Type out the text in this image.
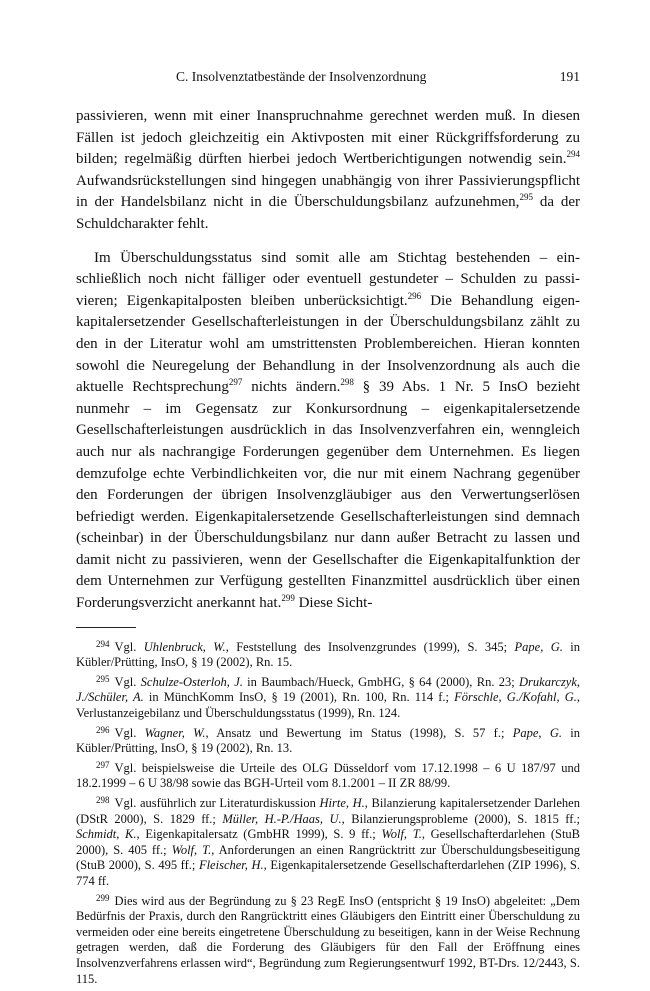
C. Insolvenztatbestände der Insolvenzordnung	191

passivieren, wenn mit einer Inanspruchnahme gerechnet werden muß. In diesen Fällen ist jedoch gleichzeitig ein Aktivposten mit einer Rückgriffsforderung zu bilden; regelmäßig dürften hierbei jedoch Wertberichtigungen notwendig sein.$^{294}$ Aufwandsrückstellungen sind hingegen unabhängig von ihrer Passivierungspflicht in der Handelsbilanz nicht in die Überschuldungsbilanz aufzunehmen,$^{295}$ da der Schuldcharakter fehlt.

Im Überschuldungsstatus sind somit alle am Stichtag bestehenden – einschließlich noch nicht fälliger oder eventuell gestundeter – Schulden zu passivieren; Eigenkapitalposten bleiben unberücksichtigt.$^{296}$ Die Behandlung eigenkapitalersetzender Gesellschafterleistungen in der Überschuldungsbilanz zählt zu den in der Literatur wohl am umstrittensten Problembereichen. Hieran konnten sowohl die Neuregelung der Behandlung in der Insolvenzordnung als auch die aktuelle Rechtsprechung$^{297}$ nichts ändern.$^{298}$ § 39 Abs. 1 Nr. 5 InsO bezieht nunmehr – im Gegensatz zur Konkursordnung – eigenkapitalersetzende Gesellschafterleistungen ausdrücklich in das Insolvenzverfahren ein, wenngleich auch nur als nachrangige Forderungen gegenüber dem Unternehmen. Es liegen demzufolge echte Verbindlichkeiten vor, die nur mit einem Nachrang gegenüber den Forderungen der übrigen Insolvenzgläubiger aus den Verwertungserlösen befriedigt werden. Eigenkapitalersetzende Gesellschafterleistungen sind demnach (scheinbar) in der Überschuldungsbilanz nur dann außer Betracht zu lassen und damit nicht zu passivieren, wenn der Gesellschafter die Eigenkapitalfunktion der dem Unternehmen zur Verfügung gestellten Finanzmittel ausdrücklich über einen Forderungsverzicht anerkannt hat.$^{299}$ Diese Sicht-

$^{294}$ Vgl. Uhlenbruck, W., Feststellung des Insolvenzgrundes (1999), S. 345; Pape, G. in Kübler/Prütting, InsO, § 19 (2002), Rn. 15.

$^{295}$ Vgl. Schulze-Osterloh, J. in Baumbach/Hueck, GmbHG, § 64 (2000), Rn. 23; Drukarczyk, J./Schüler, A. in MünchKomm InsO, § 19 (2001), Rn. 100, Rn. 114 f.; Förschle, G./Kofahl, G., Verlustanzeigebilanz und Überschuldungsstatus (1999), Rn. 124.

$^{296}$ Vgl. Wagner, W., Ansatz und Bewertung im Status (1998), S. 57 f.; Pape, G. in Kübler/Prütting, InsO, § 19 (2002), Rn. 13.

$^{297}$ Vgl. beispielsweise die Urteile des OLG Düsseldorf vom 17.12.1998 – 6 U 187/97 und 18.2.1999 – 6 U 38/98 sowie das BGH-Urteil vom 8.1.2001 – II ZR 88/99.

$^{298}$ Vgl. ausführlich zur Literaturdiskussion Hirte, H., Bilanzierung kapitalersetzender Darlehen (DStR 2000), S. 1829 ff.; Müller, H.-P./Haas, U., Bilanzierungsprobleme (2000), S. 1815 ff.; Schmidt, K., Eigenkapitalersatz (GmbHR 1999), S. 9 ff.; Wolf, T., Gesellschafterdarlehen (StuB 2000), S. 405 ff.; Wolf, T., Anforderungen an einen Rangrücktritt zur Überschuldungsbeseitigung (StuB 2000), S. 495 ff.; Fleischer, H., Eigenkapitalersetzende Gesellschafterdarlehen (ZIP 1996), S. 774 ff.

$^{299}$ Dies wird aus der Begründung zu § 23 RegE InsO (entspricht § 19 InsO) abgeleitet: „Dem Bedürfnis der Praxis, durch den Rangrücktritt eines Gläubigers den Eintritt einer Überschuldung zu vermeiden oder eine bereits eingetretene Überschuldung zu beseitigen, kann in der Weise Rechnung getragen werden, daß die Forderung des Gläubigers für den Fall der Eröffnung eines Insolvenzverfahrens erlassen wird“, Begründung zum Regierungsentwurf 1992, BT-Drs. 12/2443, S. 115.
